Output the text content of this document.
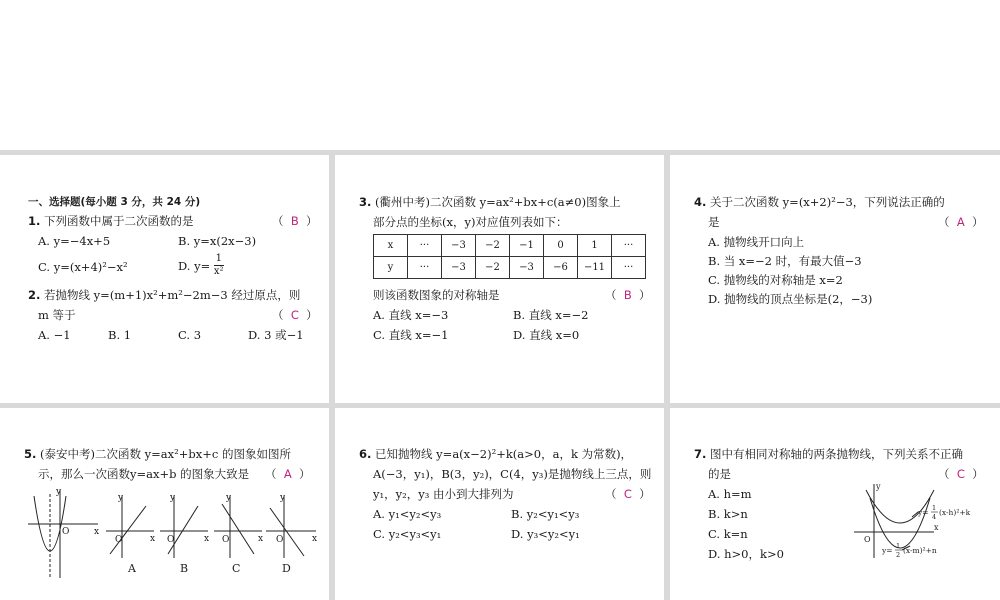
一、选择题(每小题 3 分，共 24 分)
1. 下列函数中属于二次函数的是	（  B  ）
A. y=−4x+5	B. y=x(2x−3)
C. y=(x+4)²−x²	D. $y= \frac{1}{\text{x²}}$
2. 若抛物线 y=(m+1)x²+m²−2m−3 经过原点，则
m 等于	（  C  ）
A. −1	B. 1	C. 3	D. 3 或−1
3. (衢州中考)二次函数 y=ax²+bx+c(a≠0)图象上
部分点的坐标(x，y)对应值列表如下：
x	···	−3	−2	−1	0	1	···
y	···	−3	−2	−3	−6	−11	···
则该函数图象的对称轴是	（  B  ）
A. 直线 x=−3	B. 直线 x=−2
C. 直线 x=−1	D. 直线 x=0
4. 关于二次函数 y=(x+2)²−3，下列说法正确的
是	（  A  ）
A. 抛物线开口向上
B. 当 x=−2 时，有最大值−3
C. 抛物线的对称轴是 x=2
D. 抛物线的顶点坐标是(2，−3)
5. (泰安中考)二次函数 y=ax²+bx+c 的图象如图所
示，那么一次函数y=ax+b 的图象大致是 （  A  ）
y
x
O
y
x
O
y
x
O
y
x
O
y
x
O
A	B	C	D
6. 已知抛物线 y=a(x−2)²+k(a>0，a，k 为常数)，
A(−3，y₁)，B(3，y₂)，C(4，y₃)是抛物线上三点，则
y₁，y₂，y₃ 由小到大排列为	（  C  ）
A. y₁<y₂<y₃	B. y₂<y₁<y₃
C. y₂<y₃<y₁	D. y₃<y₂<y₁
7. 图中有相同对称轴的两条抛物线，下列关系不正确
的是	（  C  ）
A. h=m
B. k>n
C. k=n
D. h>0，k>0
y
x
O
y= 1
4 (x-h)²+k
y= 1
2 (x-m)²+n
